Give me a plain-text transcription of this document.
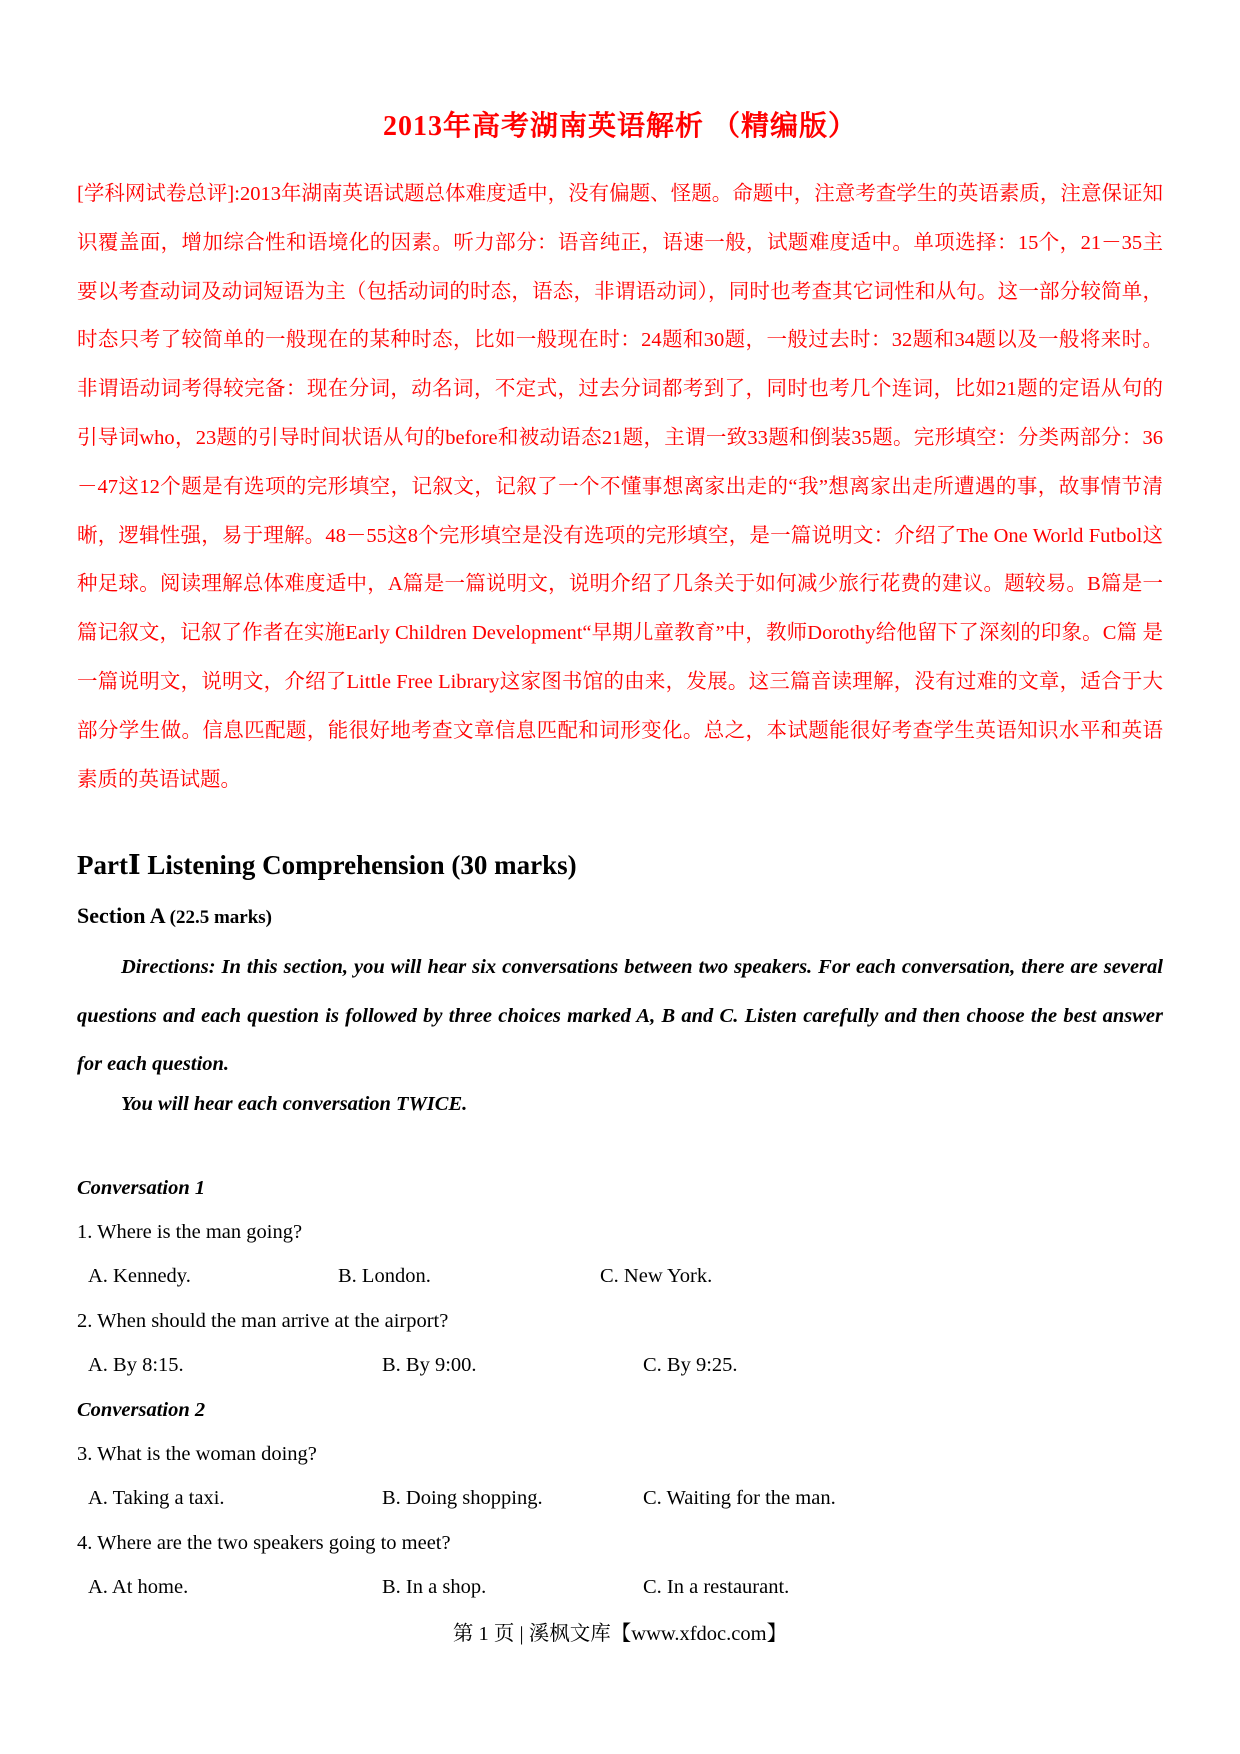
2013年高考湖南英语解析 （精编版）
[学科网试卷总评]:2013年湖南英语试题总体难度适中，没有偏题、怪题。命题中，注意考查学生的英语素质，注意保证知识覆盖面，增加综合性和语境化的因素。听力部分：语音纯正，语速一般，试题难度适中。单项选择：15个，21－35主要以考查动词及动词短语为主（包括动词的时态，语态，非谓语动词），同时也考查其它词性和从句。这一部分较简单，时态只考了较简单的一般现在的某种时态，比如一般现在时：24题和30题，一般过去时：32题和34题以及一般将来时。非谓语动词考得较完备：现在分词，动名词，不定式，过去分词都考到了，同时也考几个连词，比如21题的定语从句的引导词who，23题的引导时间状语从句的before和被动语态21题，主谓一致33题和倒装35题。完形填空：分类两部分：36－47这12个题是有选项的完形填空，记叙文，记叙了一个不懂事想离家出走的“我”想离家出走所遭遇的事，故事情节清晰，逻辑性强，易于理解。48－55这8个完形填空是没有选项的完形填空，是一篇说明文：介绍了The One World Futbol这种足球。阅读理解总体难度适中，A篇是一篇说明文，说明介绍了几条关于如何减少旅行花费的建议。题较易。B篇是一篇记叙文，记叙了作者在实施Early Children Development“早期儿童教育”中，教师Dorothy给他留下了深刻的印象。C篇 是一篇说明文，说明文，介绍了Little Free Library这家图书馆的由来，发展。这三篇音读理解，没有过难的文章，适合于大部分学生做。信息匹配题，能很好地考查文章信息匹配和词形变化。总之，本试题能很好考查学生英语知识水平和英语素质的英语试题。
PartⅠ Listening Comprehension (30 marks)
Section A (22.5 marks)
Directions: In this section, you will hear six conversations between two speakers. For each conversation, there are several questions and each question is followed by three choices marked A, B and C. Listen carefully and then choose the best answer for each question.
You will hear each conversation TWICE.
Conversation 1
1. Where is the man going?
A. Kennedy.	B. London.	C. New York.
2. When should the man arrive at the airport?
A. By 8:15.	B. By 9:00.	C. By 9:25.
Conversation 2
3. What is the woman doing?
A. Taking a taxi.	B. Doing shopping.	C. Waiting for the man.
4. Where are the two speakers going to meet?
A. At home.	B. In a shop.	C. In a restaurant.
第 1 页 | 溪枫文库【www.xfdoc.com】
